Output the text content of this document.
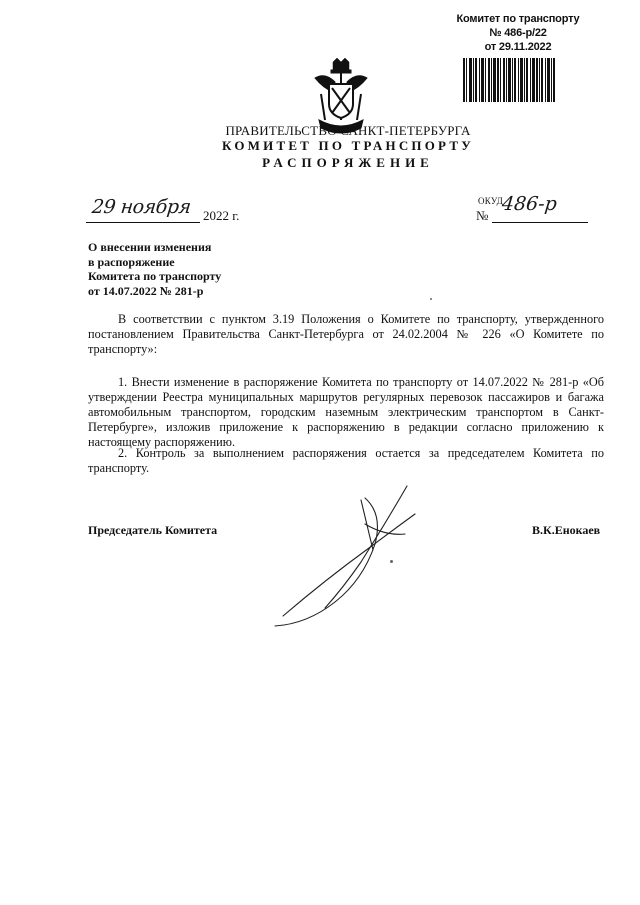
Комитет по транспорту
№ 486-р/22
от 29.11.2022
ПРАВИТЕЛЬСТВО САНКТ-ПЕТЕРБУРГА
КОМИТЕТ ПО ТРАНСПОРТУ
РАСПОРЯЖЕНИЕ
ОКУД
29 ноября 2022 г.	№
486-р
О внесении изменения
в распоряжение
Комитета по транспорту
от 14.07.2022 № 281-р

В соответствии с пунктом 3.19 Положения о Комитете по транспорту, утвержденного постановлением Правительства Санкт-Петербурга от 24.02.2004 № 226 «О Комитете по транспорту»:

1. Внести изменение в распоряжение Комитета по транспорту от 14.07.2022 № 281-р «Об утверждении Реестра муниципальных маршрутов регулярных перевозок пассажиров и багажа автомобильным транспортом, городским наземным электрическим транспортом в Санкт-Петербурге», изложив приложение к распоряжению в редакции согласно приложению к настоящему распоряжению.

2. Контроль за выполнением распоряжения остается за председателем Комитета по транспорту.

Председатель Комитета	В.К.Енокаев
